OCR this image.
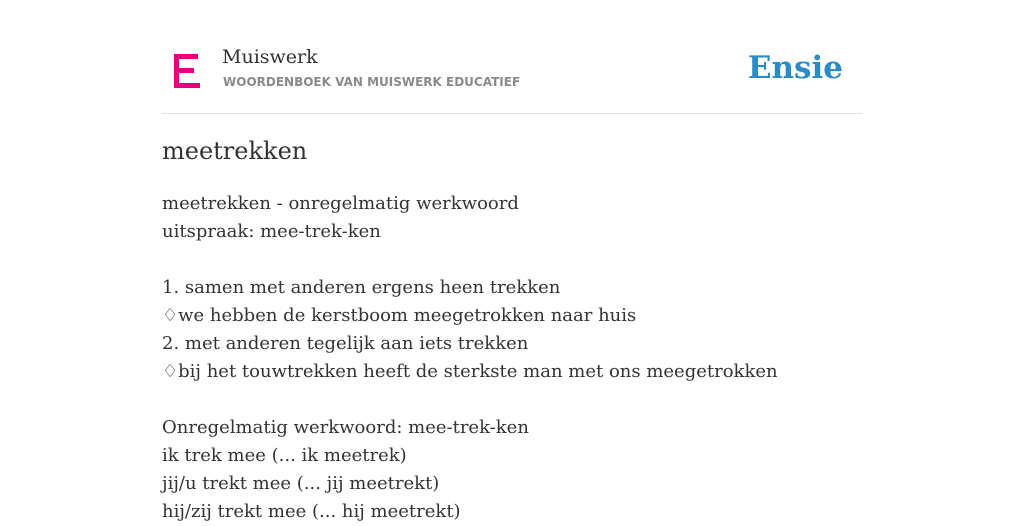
Muiswerk
WOORDENBOEK VAN MUISWERK EDUCATIEF	Ensie
meetrekken
meetrekken - onregelmatig werkwoord
uitspraak: mee-trek-ken
1. samen met anderen ergens heen trekken
♢we hebben de kerstboom meegetrokken naar huis
2. met anderen tegelijk aan iets trekken
♢bij het touwtrekken heeft de sterkste man met ons meegetrokken
Onregelmatig werkwoord: mee-trek-ken
ik trek mee (... ik meetrek)
jij/u trekt mee (... jij meetrekt)
hij/zij trekt mee (... hij meetrekt)
